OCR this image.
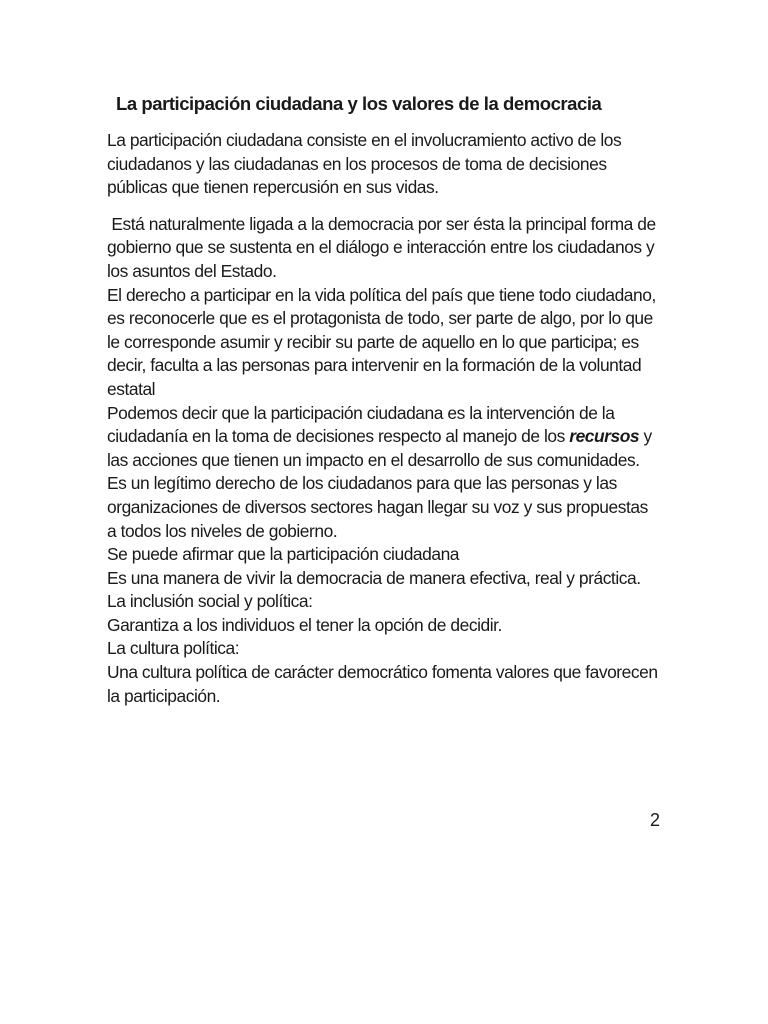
La participación ciudadana y los valores de la democracia

La participación ciudadana consiste en el involucramiento activo de los
ciudadanos y las ciudadanas en los procesos de toma de decisiones
públicas que tienen repercusión en sus vidas.

Está naturalmente ligada a la democracia por ser ésta la principal forma de
gobierno que se sustenta en el diálogo e interacción entre los ciudadanos y
los asuntos del Estado.
El derecho a participar en la vida política del país que tiene todo ciudadano,
es reconocerle que es el protagonista de todo, ser parte de algo, por lo que
le corresponde asumir y recibir su parte de aquello en lo que participa; es
decir, faculta a las personas para intervenir en la formación de la voluntad
estatal
Podemos decir que la participación ciudadana es la intervención de la
ciudadanía en la toma de decisiones respecto al manejo de los recursos y
las acciones que tienen un impacto en el desarrollo de sus comunidades.
Es un legítimo derecho de los ciudadanos para que las personas y las
organizaciones de diversos sectores hagan llegar su voz y sus propuestas
a todos los niveles de gobierno.
Se puede afirmar que la participación ciudadana
Es una manera de vivir la democracia de manera efectiva, real y práctica.
La inclusión social y política:
Garantiza a los individuos el tener la opción de decidir.
La cultura política:
Una cultura política de carácter democrático fomenta valores que favorecen
la participación.

2
